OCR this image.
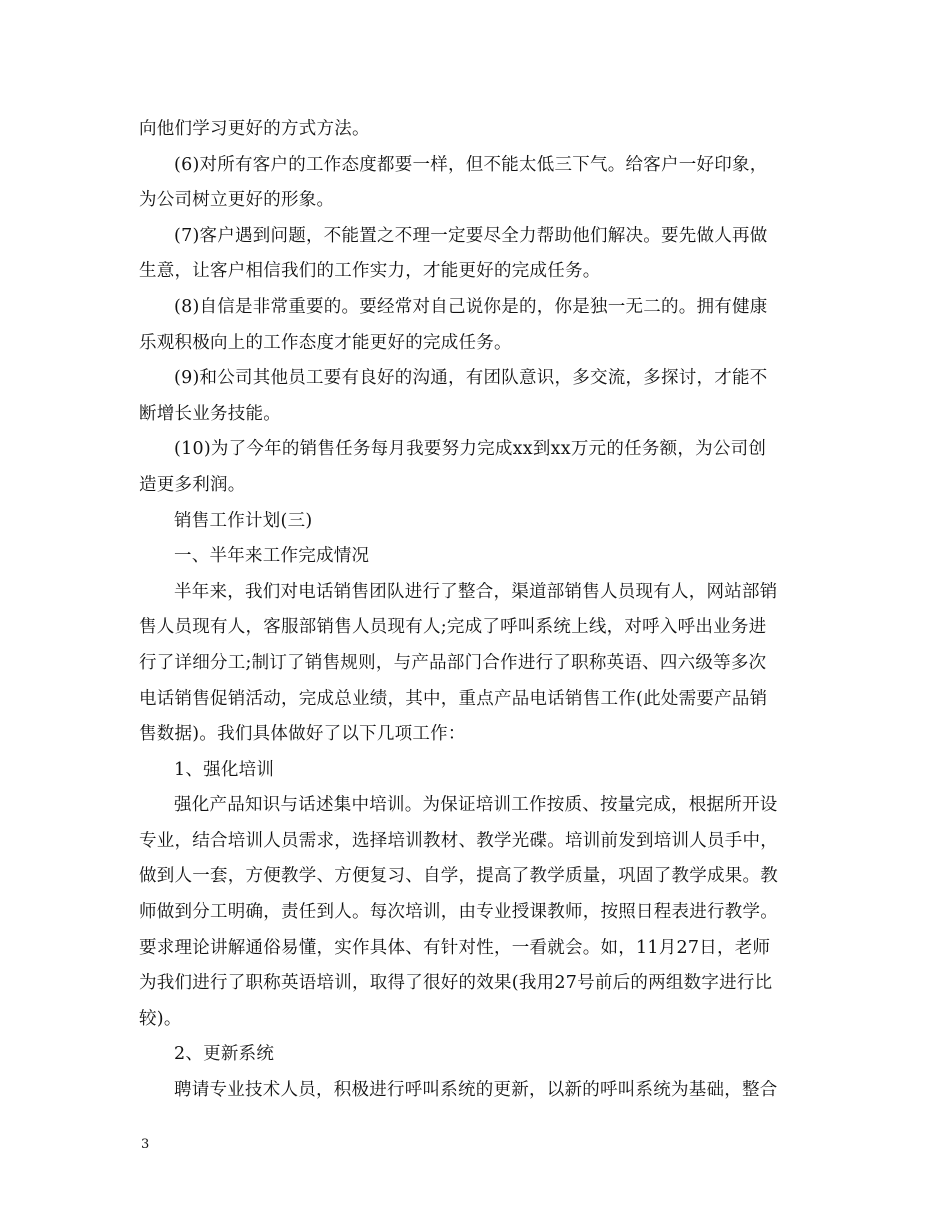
向他们学习更好的方式方法。
(6)对所有客户的工作态度都要一样，但不能太低三下气。给客户一好印象，
为公司树立更好的形象。
(7)客户遇到问题，不能置之不理一定要尽全力帮助他们解决。要先做人再做
生意，让客户相信我们的工作实力，才能更好的完成任务。
(8)自信是非常重要的。要经常对自己说你是的，你是独一无二的。拥有健康
乐观积极向上的工作态度才能更好的完成任务。
(9)和公司其他员工要有良好的沟通，有团队意识，多交流，多探讨，才能不
断增长业务技能。
(10)为了今年的销售任务每月我要努力完成xx到xx万元的任务额，为公司创
造更多利润。
销售工作计划(三)
一、半年来工作完成情况
半年来，我们对电话销售团队进行了整合，渠道部销售人员现有人，网站部销
售人员现有人，客服部销售人员现有人;完成了呼叫系统上线，对呼入呼出业务进
行了详细分工;制订了销售规则，与产品部门合作进行了职称英语、四六级等多次
电话销售促销活动，完成总业绩，其中，重点产品电话销售工作(此处需要产品销
售数据)。我们具体做好了以下几项工作：
1、强化培训
强化产品知识与话述集中培训。为保证培训工作按质、按量完成，根据所开设
专业，结合培训人员需求，选择培训教材、教学光碟。培训前发到培训人员手中，
做到人一套，方便教学、方便复习、自学，提高了教学质量，巩固了教学成果。教
师做到分工明确，责任到人。每次培训，由专业授课教师，按照日程表进行教学。
要求理论讲解通俗易懂，实作具体、有针对性，一看就会。如，11月27日，老师
为我们进行了职称英语培训，取得了很好的效果(我用27号前后的两组数字进行比
较)。
2、更新系统
聘请专业技术人员，积极进行呼叫系统的更新，以新的呼叫系统为基础，整合
3
